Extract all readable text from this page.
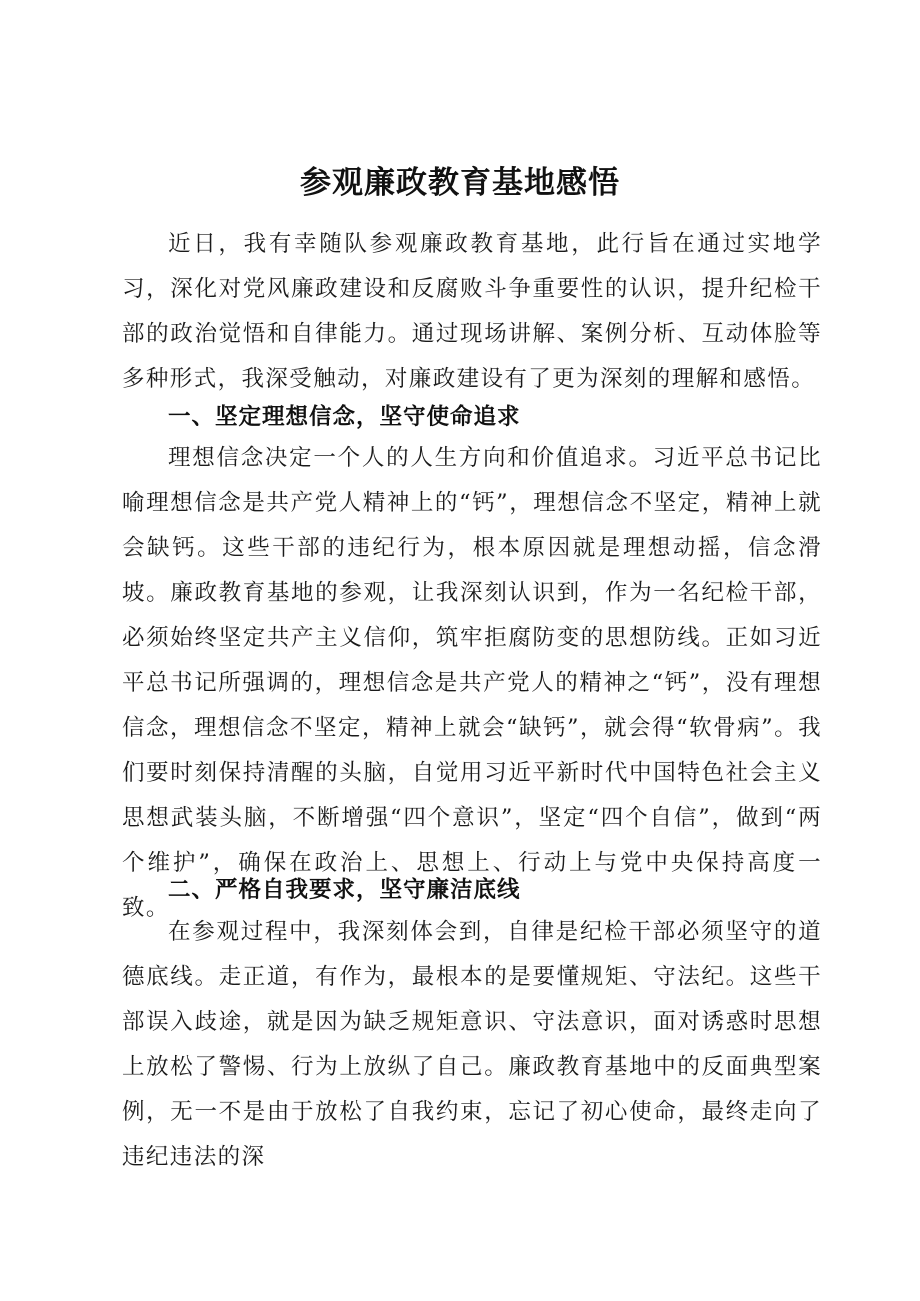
参观廉政教育基地感悟

近日，我有幸随队参观廉政教育基地，此行旨在通过实地学习，深化对党风廉政建设和反腐败斗争重要性的认识，提升纪检干部的政治觉悟和自律能力。通过现场讲解、案例分析、互动体脸等多种形式，我深受触动，对廉政建设有了更为深刻的理解和感悟。

一、坚定理想信念，坚守使命追求

理想信念决定一个人的人生方向和价值追求。习近平总书记比喻理想信念是共产党人精神上的“钙”，理想信念不坚定，精神上就会缺钙。这些干部的违纪行为，根本原因就是理想动摇，信念滑坡。廉政教育基地的参观，让我深刻认识到，作为一名纪检干部，必须始终坚定共产主义信仰，筑牢拒腐防变的思想防线。正如习近平总书记所强调的，理想信念是共产党人的精神之“钙”，没有理想信念，理想信念不坚定，精神上就会“缺钙”，就会得“软骨病”。我们要时刻保持清醒的头脑，自觉用习近平新时代中国特色社会主义思想武装头脑，不断增强“四个意识”，坚定“四个自信”，做到“两个维护”，确保在政治上、思想上、行动上与党中央保持高度一致。

二、严格自我要求，坚守廉洁底线

在参观过程中，我深刻体会到，自律是纪检干部必须坚守的道德底线。走正道，有作为，最根本的是要懂规矩、守法纪。这些干部误入歧途，就是因为缺乏规矩意识、守法意识，面对诱惑时思想上放松了警惕、行为上放纵了自己。廉政教育基地中的反面典型案例，无一不是由于放松了自我约束，忘记了初心使命，最终走向了违纪违法的深
